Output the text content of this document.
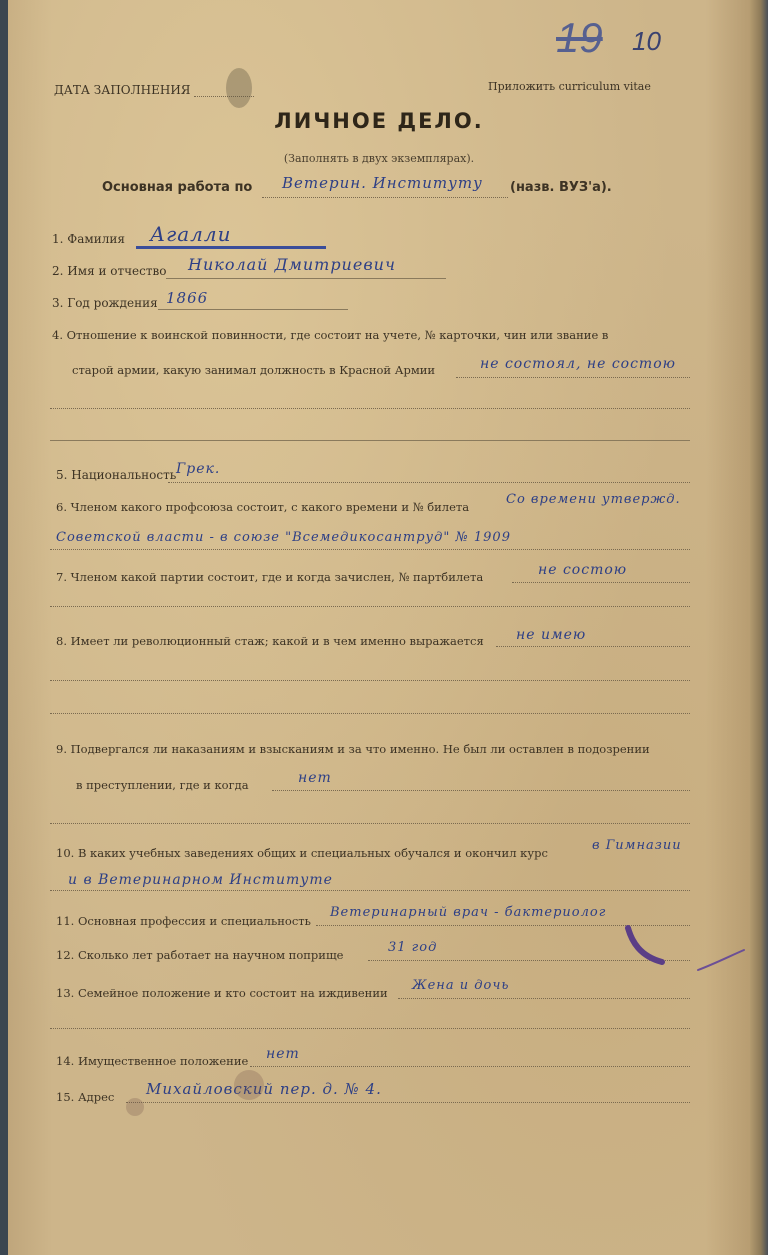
ДАТА ЗАПОЛНЕНИЯ	Приложить curriculum vitae
19 10
ЛИЧНОЕ ДЕЛО.
(Заполнять в двух экземплярах).
Основная работа по Ветерин. Институту (назв. ВУЗ'а).
1. Фамилия Агалли
2. Имя и отчество Николай Дмитриевич
3. Год рождения 1866
4. Отношение к воинской повинности, где состоит на учете, № карточки, чин или звание в
старой армии, какую занимал должность в Красной Армии	не состоял, не состою
5. Национальность Грек.
6. Членом какого профсоюза состоит, с какого времени и № билета	Со времени утвержд.
Советской власти - в союзе "Всемедикосантруд" № 1909
7. Членом какой партии состоит, где и когда зачислен, № партбилета	не состою
8. Имеет ли революционный стаж; какой и в чем именно выражается не имею
9. Подвергался ли наказаниям и взысканиям и за что именно. Не был ли оставлен в подозрении
в преступлении, где и когда	нет
10. В каких учебных заведениях общих и специальных обучался и окончил курс	в Гимназии
и в Ветеринарном Институте
11. Основная профессия и специальность
Ветеринарный врач - бактериолог
12. Сколько лет работает на научном поприще	31 год
13. Семейное положение и кто состоит на иждивении Жена и дочь
14. Имущественное положение нет
15. Адрес Михайловский пер. д. № 4.
